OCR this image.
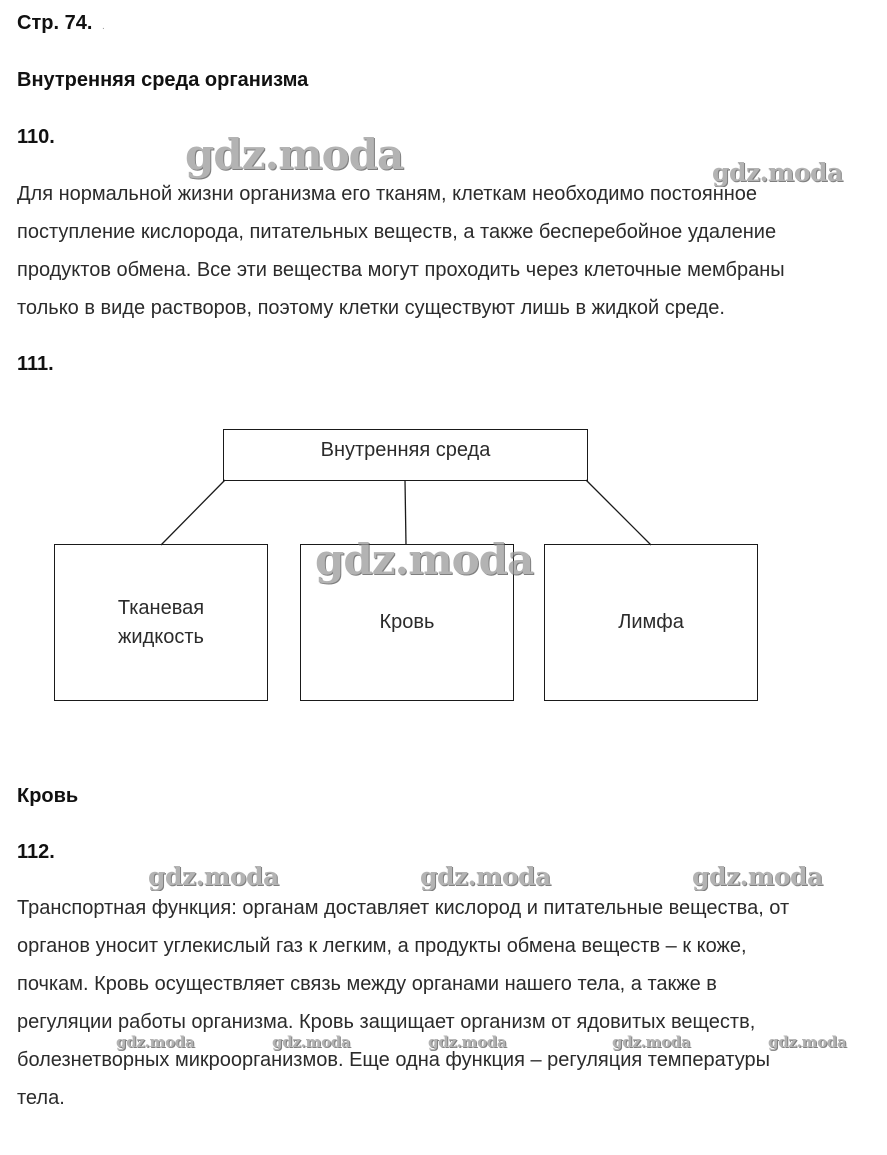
Стр. 74. .
Внутренняя среда организма
110.
Для нормальной жизни организма его тканям, клеткам необходимо постоянное
поступление кислорода, питательных веществ, а также бесперебойное удаление
продуктов обмена. Все эти вещества могут проходить через клеточные мембраны
только в виде растворов, поэтому клетки существуют лишь в жидкой среде.
111.
Внутренняя среда
Тканевая
жидкость
Кровь	Лимфа
Кровь
112.
Транспортная функция: органам доставляет кислород и питательные вещества, от
органов уносит углекислый газ к легким, а продукты обмена веществ – к коже,
почкам. Кровь осуществляет связь между органами нашего тела, а также в
регуляции работы организма. Кровь защищает организм от ядовитых веществ,
болезнетворных микроорганизмов. Еще одна функция – регуляция температуры
тела.
gdz.moda	gdz.moda
gdz.moda
gdz.moda	gdz.moda	gdz.moda
gdz.moda	gdz.moda	gdz.moda	gdz.moda	gdz.moda
